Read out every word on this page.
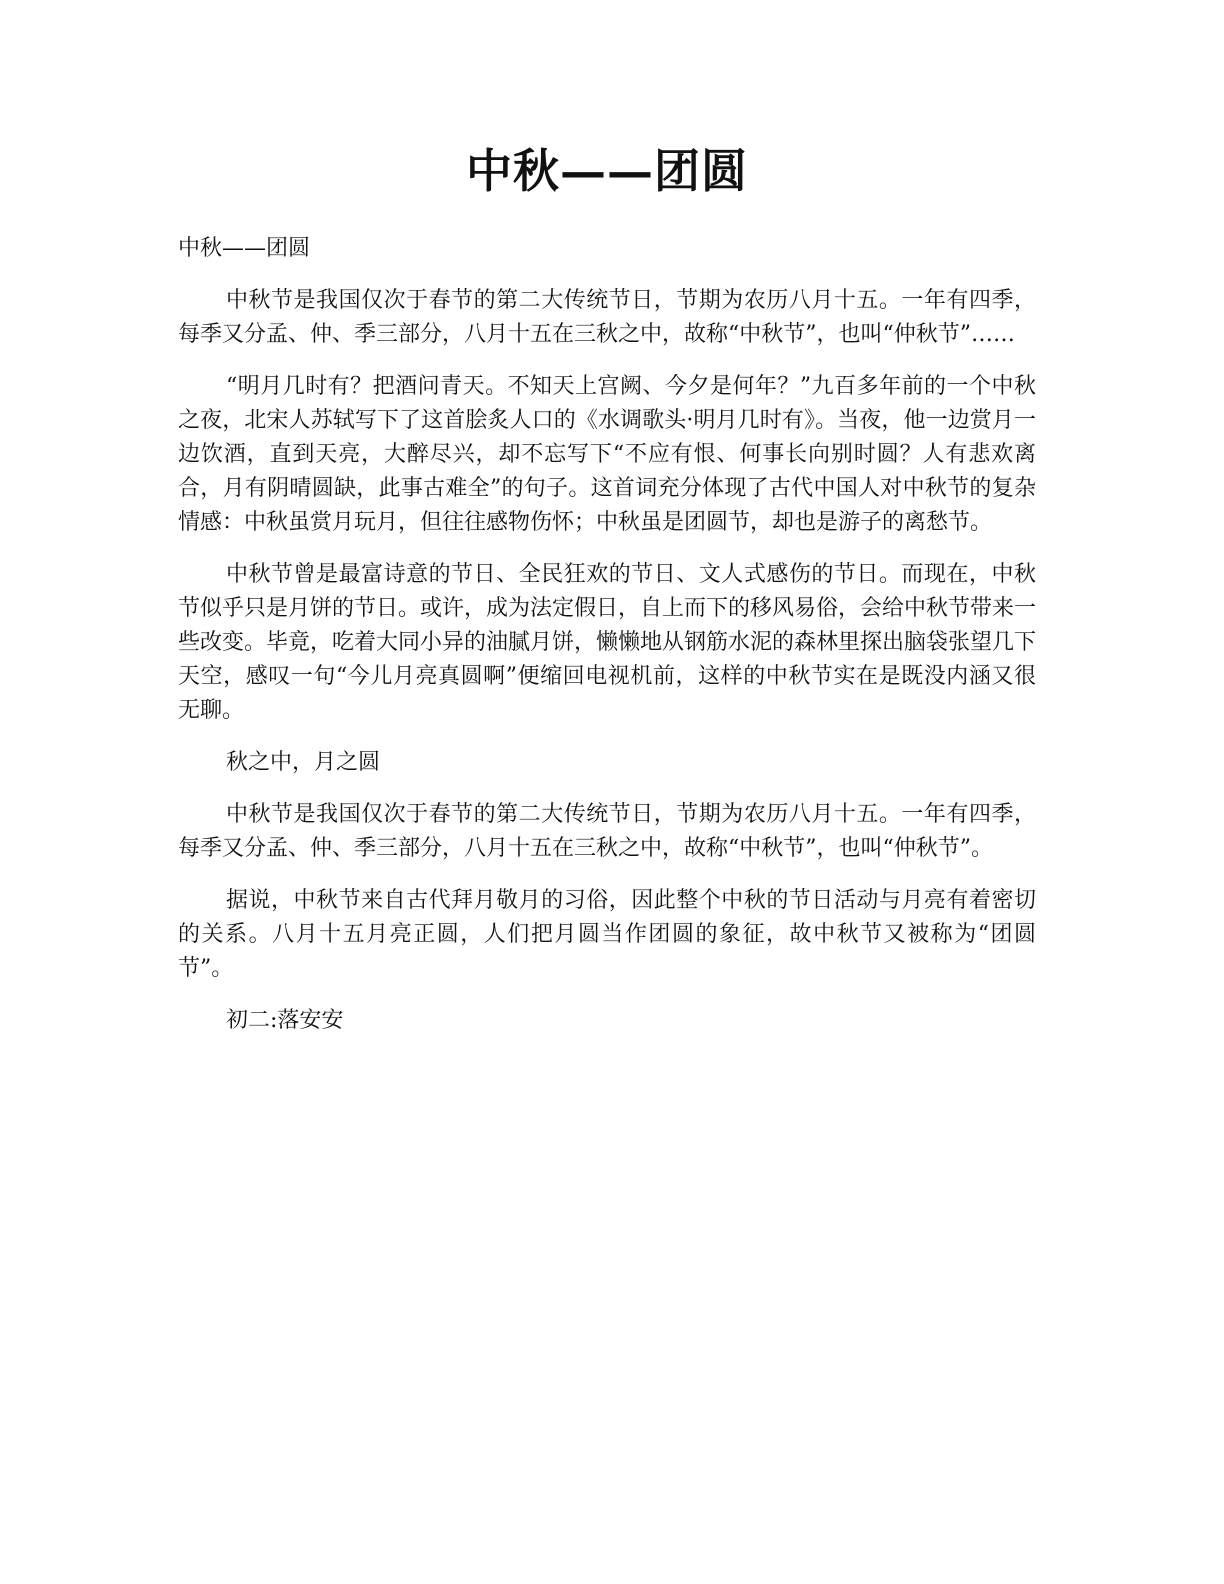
中秋——团圆

中秋——团圆

中秋节是我国仅次于春节的第二大传统节日，节期为农历八月十五。一年有四季，每季又分孟、仲、季三部分，八月十五在三秋之中，故称“中秋节”，也叫“仲秋节”……

“明月几时有？把酒问青天。不知天上宫阙、今夕是何年？”九百多年前的一个中秋之夜，北宋人苏轼写下了这首脍炙人口的《水调歌头·明月几时有》。当夜，他一边赏月一边饮酒，直到天亮，大醉尽兴，却不忘写下“不应有恨、何事长向别时圆？人有悲欢离合，月有阴晴圆缺，此事古难全”的句子。这首词充分体现了古代中国人对中秋节的复杂情感：中秋虽赏月玩月，但往往感物伤怀；中秋虽是团圆节，却也是游子的离愁节。

中秋节曾是最富诗意的节日、全民狂欢的节日、文人式感伤的节日。而现在，中秋节似乎只是月饼的节日。或许，成为法定假日，自上而下的移风易俗，会给中秋节带来一些改变。毕竟，吃着大同小异的油腻月饼，懒懒地从钢筋水泥的森林里探出脑袋张望几下天空，感叹一句“今儿月亮真圆啊”便缩回电视机前，这样的中秋节实在是既没内涵又很无聊。

秋之中，月之圆

中秋节是我国仅次于春节的第二大传统节日，节期为农历八月十五。一年有四季，每季又分孟、仲、季三部分，八月十五在三秋之中，故称“中秋节”，也叫“仲秋节”。

据说，中秋节来自古代拜月敬月的习俗，因此整个中秋的节日活动与月亮有着密切的关系。八月十五月亮正圆，人们把月圆当作团圆的象征，故中秋节又被称为“团圆节”。

初二:落安安
